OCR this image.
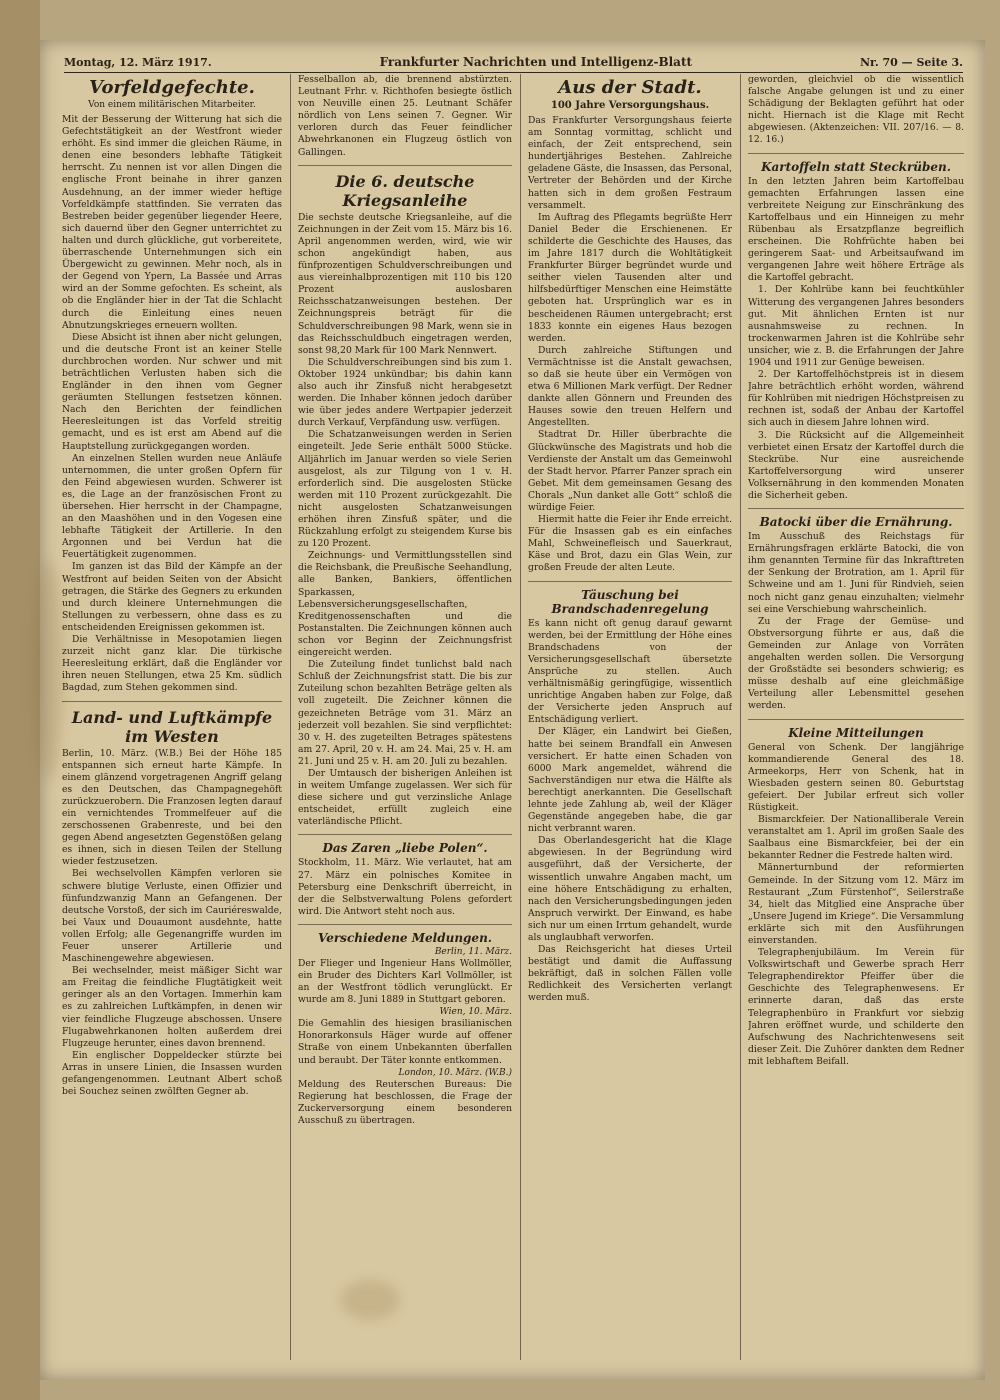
Montag, 12. März 1917.	Frankfurter Nachrichten und Intelligenz-Blatt	Nr. 70 — Seite 3.
Vorfeldgefechte.
Von einem militärischen Mitarbeiter.

Mit der Besserung der Witterung hat sich die Gefechtstätigkeit an der Westfront wieder erhöht. Es sind immer die gleichen Räume, in denen eine besonders lebhafte Tätigkeit herrscht. Zu nennen ist vor allen Dingen die englische Front beinahe in ihrer ganzen Ausdehnung, an der immer wieder heftige Vorfeldkämpfe stattfinden. Sie verraten das Bestreben beider gegenüber liegender Heere, sich dauernd über den Gegner unterrichtet zu halten und durch glückliche, gut vorbereitete, überraschende Unternehmungen sich ein Übergewicht zu gewinnen. Mehr noch, als in der Gegend von Ypern, La Bassée und Arras wird an der Somme gefochten. Es scheint, als ob die Engländer hier in der Tat die Schlacht durch die Einleitung eines neuen Abnutzungskrieges erneuern wollten.

Diese Absicht ist ihnen aber nicht gelungen, und die deutsche Front ist an keiner Stelle durchbrochen worden. Nur schwer und mit beträchtlichen Verlusten haben sich die Engländer in den ihnen vom Gegner geräumten Stellungen festsetzen können. Nach den Berichten der feindlichen Heeresleitungen ist das Vorfeld streitig gemacht, und es ist erst am Abend auf die Hauptstellung zurückgegangen worden.

An einzelnen Stellen wurden neue Anläufe unternommen, die unter großen Opfern für den Feind abgewiesen wurden. Schwerer ist es, die Lage an der französischen Front zu übersehen. Hier herrscht in der Champagne, an den Maashöhen und in den Vogesen eine lebhafte Tätigkeit der Artillerie. In den Argonnen und bei Verdun hat die Feuertätigkeit zugenommen.

Im ganzen ist das Bild der Kämpfe an der Westfront auf beiden Seiten von der Absicht getragen, die Stärke des Gegners zu erkunden und durch kleinere Unternehmungen die Stellungen zu verbessern, ohne dass es zu entscheidenden Ereignissen gekommen ist.

Die Verhältnisse in Mesopotamien liegen zurzeit nicht ganz klar. Die türkische Heeresleitung erklärt, daß die Engländer vor ihren neuen Stellungen, etwa 25 Km. südlich Bagdad, zum Stehen gekommen sind.

Land- und Luftkämpfe im Westen

Berlin, 10. März. (W.B.) Bei der Höhe 185 entspannen sich erneut harte Kämpfe. In einem glänzend vorgetragenen Angriff gelang es den Deutschen, das Champagnegehöft zurückzuerobern. Die Franzosen legten darauf ein vernichtendes Trommelfeuer auf die zerschossenen Grabenreste, und bei den gegen Abend angesetzten Gegenstößen gelang es ihnen, sich in diesen Teilen der Stellung wieder festzusetzen.

Bei wechselvollen Kämpfen verloren sie schwere blutige Verluste, einen Offizier und fünfundzwanzig Mann an Gefangenen. Der deutsche Vorstoß, der sich im Cauriéreswalde, bei Vaux und Douaumont ausdehnte, hatte vollen Erfolg; alle Gegenangriffe wurden im Feuer unserer Artillerie und Maschinengewehre abgewiesen.

Bei wechselnder, meist mäßiger Sicht war am Freitag die feindliche Flugtätigkeit weit geringer als an den Vortagen. Immerhin kam es zu zahlreichen Luftkämpfen, in denen wir vier feindliche Flugzeuge abschossen. Unsere Flugabwehrkanonen holten außerdem drei Flugzeuge herunter, eines davon brennend.

Ein englischer Doppeldecker stürzte bei Arras in unsere Linien, die Insassen wurden gefangengenommen. Leutnant Albert schoß bei Souchez seinen zwölften Gegner ab.

Fesselballon ab, die brennend abstürzten. Leutnant Frhr. v. Richthofen besiegte östlich von Neuville einen 25. Leutnant Schäfer nördlich von Lens seinen 7. Gegner. Wir verloren durch das Feuer feindlicher Abwehrkanonen ein Flugzeug östlich von Gallingen.

Die 6. deutsche Kriegsanleihe

Die sechste deutsche Kriegsanleihe, auf die Zeichnungen in der Zeit vom 15. März bis 16. April angenommen werden, wird, wie wir schon angekündigt haben, aus fünfprozentigen Schuldverschreibungen und aus viereinhalbprozentigen mit 110 bis 120 Prozent auslosbaren Reichsschatzanweisungen bestehen. Der Zeichnungspreis beträgt für die Schuldverschreibungen 98 Mark, wenn sie in das Reichsschuldbuch eingetragen werden, sonst 98,20 Mark für 100 Mark Nennwert.

Die Schuldverschreibungen sind bis zum 1. Oktober 1924 unkündbar; bis dahin kann also auch ihr Zinsfuß nicht herabgesetzt werden. Die Inhaber können jedoch darüber wie über jedes andere Wertpapier jederzeit durch Verkauf, Verpfändung usw. verfügen.

Die Schatzanweisungen werden in Serien eingeteilt. Jede Serie enthält 5000 Stücke. Alljährlich im Januar werden so viele Serien ausgelost, als zur Tilgung von 1 v. H. erforderlich sind. Die ausgelosten Stücke werden mit 110 Prozent zurückgezahlt. Die nicht ausgelosten Schatzanweisungen erhöhen ihren Zinsfuß später, und die Rückzahlung erfolgt zu steigendem Kurse bis zu 120 Prozent.

Zeichnungs- und Vermittlungsstellen sind die Reichsbank, die Preußische Seehandlung, alle Banken, Bankiers, öffentlichen Sparkassen, Lebensversicherungsgesellschaften, Kreditgenossenschaften und die Postanstalten. Die Zeichnungen können auch schon vor Beginn der Zeichnungsfrist eingereicht werden.

Die Zuteilung findet tunlichst bald nach Schluß der Zeichnungsfrist statt. Die bis zur Zuteilung schon bezahlten Beträge gelten als voll zugeteilt. Die Zeichner können die gezeichneten Beträge vom 31. März an jederzeit voll bezahlen. Sie sind verpflichtet: 30 v. H. des zugeteilten Betrages spätestens am 27. April, 20 v. H. am 24. Mai, 25 v. H. am 21. Juni und 25 v. H. am 20. Juli zu bezahlen.

Der Umtausch der bisherigen Anleihen ist in weitem Umfange zugelassen. Wer sich für diese sichere und gut verzinsliche Anlage entscheidet, erfüllt zugleich eine vaterländische Pflicht.

Das Zaren „liebe Polen“.

Stockholm, 11. März. Wie verlautet, hat am 27. März ein polnisches Komitee in Petersburg eine Denkschrift überreicht, in der die Selbstverwaltung Polens gefordert wird. Die Antwort steht noch aus.

Verschiedene Meldungen.
Berlin, 11. März.

Der Flieger und Ingenieur Hans Wollmöller, ein Bruder des Dichters Karl Vollmöller, ist an der Westfront tödlich verunglückt. Er wurde am 8. Juni 1889 in Stuttgart geboren.

Wien, 10. März.

Die Gemahlin des hiesigen brasilianischen Honorarkonsuls Häger wurde auf offener Straße von einem Unbekannten überfallen und beraubt. Der Täter konnte entkommen.

London, 10. März. (W.B.)

Meldung des Reuterschen Bureaus: Die Regierung hat beschlossen, die Frage der Zuckerversorgung einem besonderen Ausschuß zu übertragen.

Aus der Stadt.
100 Jahre Versorgungshaus.

Das Frankfurter Versorgungshaus feierte am Sonntag vormittag, schlicht und einfach, der Zeit entsprechend, sein hundertjähriges Bestehen. Zahlreiche geladene Gäste, die Insassen, das Personal, Vertreter der Behörden und der Kirche hatten sich in dem großen Festraum versammelt.

Im Auftrag des Pflegamts begrüßte Herr Daniel Beder die Erschienenen. Er schilderte die Geschichte des Hauses, das im Jahre 1817 durch die Wohltätigkeit Frankfurter Bürger begründet wurde und seither vielen Tausenden alter und hilfsbedürftiger Menschen eine Heimstätte geboten hat. Ursprünglich war es in bescheidenen Räumen untergebracht; erst 1833 konnte ein eigenes Haus bezogen werden.

Durch zahlreiche Stiftungen und Vermächtnisse ist die Anstalt gewachsen, so daß sie heute über ein Vermögen von etwa 6 Millionen Mark verfügt. Der Redner dankte allen Gönnern und Freunden des Hauses sowie den treuen Helfern und Angestellten.

Stadtrat Dr. Hiller überbrachte die Glückwünsche des Magistrats und hob die Verdienste der Anstalt um das Gemeinwohl der Stadt hervor. Pfarrer Panzer sprach ein Gebet. Mit dem gemeinsamen Gesang des Chorals „Nun danket alle Gott“ schloß die würdige Feier.

Hiermit hatte die Feier ihr Ende erreicht. Für die Insassen gab es ein einfaches Mahl, Schweinefleisch und Sauerkraut, Käse und Brot, dazu ein Glas Wein, zur großen Freude der alten Leute.

Täuschung bei Brandschadenregelung

Es kann nicht oft genug darauf gewarnt werden, bei der Ermittlung der Höhe eines Brandschadens von der Versicherungsgesellschaft übersetzte Ansprüche zu stellen. Auch verhältnismäßig geringfügige, wissentlich unrichtige Angaben haben zur Folge, daß der Versicherte jeden Anspruch auf Entschädigung verliert.

Der Kläger, ein Landwirt bei Gießen, hatte bei seinem Brandfall ein Anwesen versichert. Er hatte einen Schaden von 6000 Mark angemeldet, während die Sachverständigen nur etwa die Hälfte als berechtigt anerkannten. Die Gesellschaft lehnte jede Zahlung ab, weil der Kläger Gegenstände angegeben habe, die gar nicht verbrannt waren.

Das Oberlandesgericht hat die Klage abgewiesen. In der Begründung wird ausgeführt, daß der Versicherte, der wissentlich unwahre Angaben macht, um eine höhere Entschädigung zu erhalten, nach den Versicherungsbedingungen jeden Anspruch verwirkt. Der Einwand, es habe sich nur um einen Irrtum gehandelt, wurde als unglaubhaft verworfen.

Das Reichsgericht hat dieses Urteil bestätigt und damit die Auffassung bekräftigt, daß in solchen Fällen volle Redlichkeit des Versicherten verlangt werden muß.

geworden, gleichviel ob die wissentlich falsche Angabe gelungen ist und zu einer Schädigung der Beklagten geführt hat oder nicht. Hiernach ist die Klage mit Recht abgewiesen. (Aktenzeichen: VII. 207/16. — 8. 12. 16.)

Kartoffeln statt Steckrüben.

In den letzten Jahren beim Kartoffelbau gemachten Erfahrungen lassen eine verbreitete Neigung zur Einschränkung des Kartoffelbaus und ein Hinneigen zu mehr Rübenbau als Ersatzpflanze begreiflich erscheinen. Die Rohfrüchte haben bei geringerem Saat- und Arbeitsaufwand im vergangenen Jahre weit höhere Erträge als die Kartoffel gebracht.

1. Der Kohlrübe kann bei feuchtkühler Witterung des vergangenen Jahres besonders gut. Mit ähnlichen Ernten ist nur ausnahmsweise zu rechnen. In trockenwarmen Jahren ist die Kohlrübe sehr unsicher, wie z. B. die Erfahrungen der Jahre 1904 und 1911 zur Genüge beweisen.

2. Der Kartoffelhöchstpreis ist in diesem Jahre beträchtlich erhöht worden, während für Kohlrüben mit niedrigen Höchstpreisen zu rechnen ist, sodaß der Anbau der Kartoffel sich auch in diesem Jahre lohnen wird.

3. Die Rücksicht auf die Allgemeinheit verbietet einen Ersatz der Kartoffel durch die Steckrübe. Nur eine ausreichende Kartoffelversorgung wird unserer Volksernährung in den kommenden Monaten die Sicherheit geben.

Batocki über die Ernährung.

Im Ausschuß des Reichstags für Ernährungsfragen erklärte Batocki, die von ihm genannten Termine für das Inkrafttreten der Senkung der Brotration, am 1. April für Schweine und am 1. Juni für Rindvieh, seien noch nicht ganz genau einzuhalten; vielmehr sei eine Verschiebung wahrscheinlich.

Zu der Frage der Gemüse- und Obstversorgung führte er aus, daß die Gemeinden zur Anlage von Vorräten angehalten werden sollen. Die Versorgung der Großstädte sei besonders schwierig; es müsse deshalb auf eine gleichmäßige Verteilung aller Lebensmittel gesehen werden.

Kleine Mitteilungen

General von Schenk. Der langjährige kommandierende General des 18. Armeekorps, Herr von Schenk, hat in Wiesbaden gestern seinen 80. Geburtstag gefeiert. Der Jubilar erfreut sich voller Rüstigkeit.

Bismarckfeier. Der Nationalliberale Verein veranstaltet am 1. April im großen Saale des Saalbaus eine Bismarckfeier, bei der ein bekannter Redner die Festrede halten wird.

Männerturnbund der reformierten Gemeinde. In der Sitzung vom 12. März im Restaurant „Zum Fürstenhof“, Seilerstraße 34, hielt das Mitglied eine Ansprache über „Unsere Jugend im Kriege“. Die Versammlung erklärte sich mit den Ausführungen einverstanden.

Telegraphenjubiläum. Im Verein für Volkswirtschaft und Gewerbe sprach Herr Telegraphendirektor Pfeiffer über die Geschichte des Telegraphenwesens. Er erinnerte daran, daß das erste Telegraphenbüro in Frankfurt vor siebzig Jahren eröffnet wurde, und schilderte den Aufschwung des Nachrichtenwesens seit dieser Zeit. Die Zuhörer dankten dem Redner mit lebhaftem Beifall.
